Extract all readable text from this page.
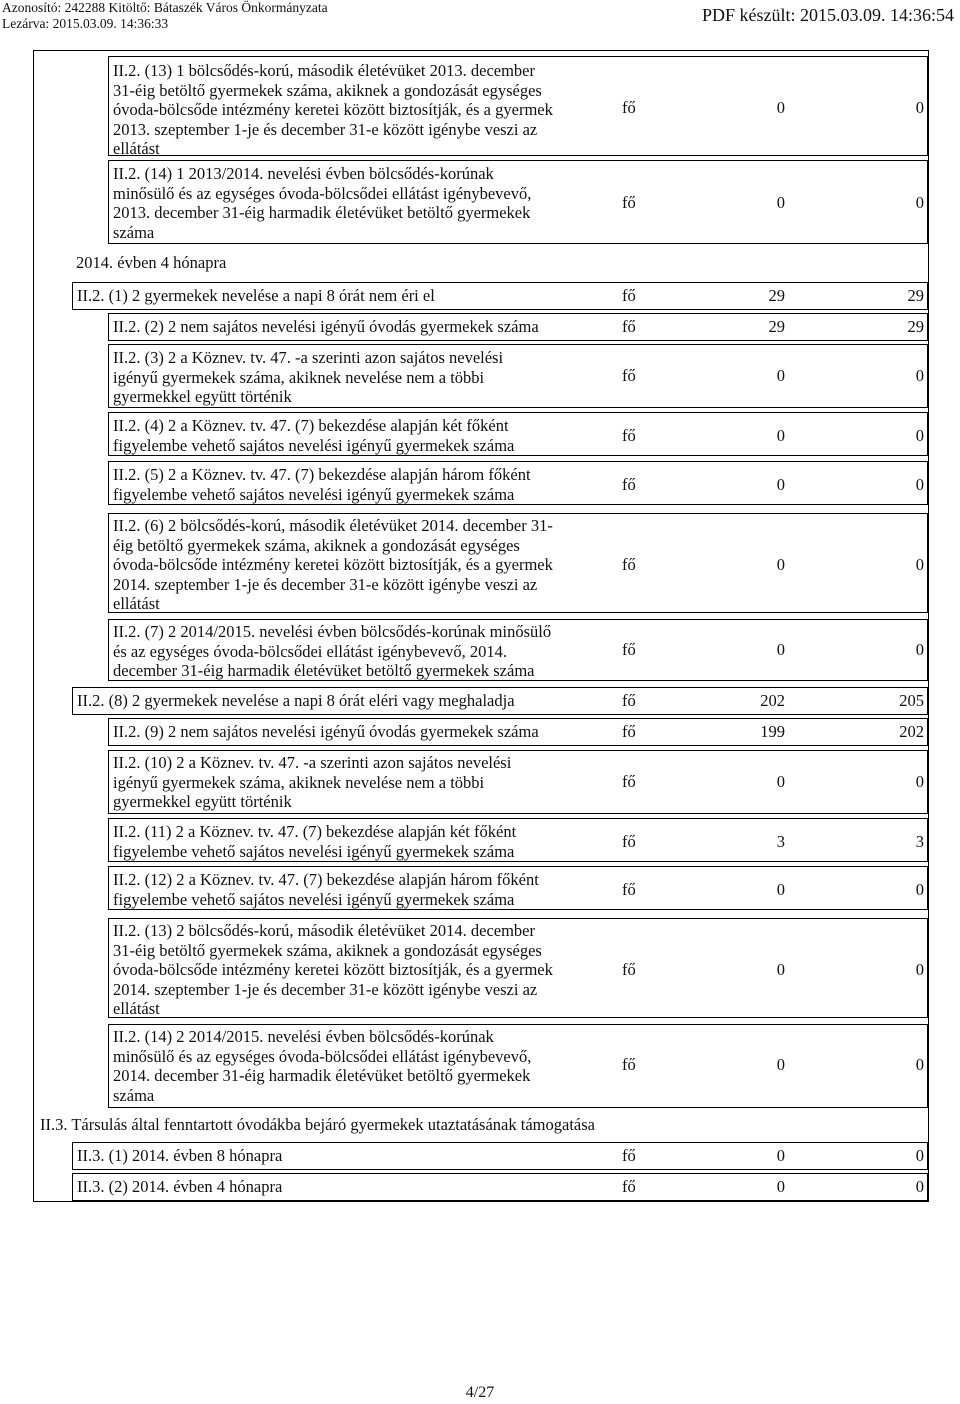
Azonosító: 242288 Kitöltő: Bátaszék Város Önkormányzata
Lezárva: 2015.03.09. 14:36:33	PDF készült: 2015.03.09. 14:36:54
II.2. (13) 1 bölcsődés-korú, második életévüket 2013. december
31-éig betöltő gyermekek száma, akiknek a gondozását egységes
óvoda-bölcsőde intézmény keretei között biztosítják, és a gyermek
2013. szeptember 1-je és december 31-e között igénybe veszi az
ellátást
fő	0	0
II.2. (14) 1 2013/2014. nevelési évben bölcsődés-korúnak
minősülő és az egységes óvoda-bölcsődei ellátást igénybevevő,
2013. december 31-éig harmadik életévüket betöltő gyermekek
száma
fő	0	0
2014. évben 4 hónapra
II.2. (1) 2 gyermekek nevelése a napi 8 órát nem éri el	fő	29	29
II.2. (2) 2 nem sajátos nevelési igényű óvodás gyermekek száma	fő	29	29
II.2. (3) 2 a Köznev. tv. 47. -a szerinti azon sajátos nevelési
igényű gyermekek száma, akiknek nevelése nem a többi
gyermekkel együtt történik
fő	0	0
II.2. (4) 2 a Köznev. tv. 47. (7) bekezdése alapján két főként
figyelembe vehető sajátos nevelési igényű gyermekek száma	fő	0	0
II.2. (5) 2 a Köznev. tv. 47. (7) bekezdése alapján három főként
figyelembe vehető sajátos nevelési igényű gyermekek száma	fő	0	0
II.2. (6) 2 bölcsődés-korú, második életévüket 2014. december 31-
éig betöltő gyermekek száma, akiknek a gondozását egységes
óvoda-bölcsőde intézmény keretei között biztosítják, és a gyermek
2014. szeptember 1-je és december 31-e között igénybe veszi az
ellátást
fő	0	0
II.2. (7) 2 2014/2015. nevelési évben bölcsődés-korúnak minősülő
és az egységes óvoda-bölcsődei ellátást igénybevevő, 2014.
december 31-éig harmadik életévüket betöltő gyermekek száma
fő	0	0
II.2. (8) 2 gyermekek nevelése a napi 8 órát eléri vagy meghaladja	fő	202	205
II.2. (9) 2 nem sajátos nevelési igényű óvodás gyermekek száma	fő	199	202
II.2. (10) 2 a Köznev. tv. 47. -a szerinti azon sajátos nevelési
igényű gyermekek száma, akiknek nevelése nem a többi
gyermekkel együtt történik
fő	0	0
II.2. (11) 2 a Köznev. tv. 47. (7) bekezdése alapján két főként
figyelembe vehető sajátos nevelési igényű gyermekek száma	fő	3	3
II.2. (12) 2 a Köznev. tv. 47. (7) bekezdése alapján három főként
figyelembe vehető sajátos nevelési igényű gyermekek száma	fő	0	0
II.2. (13) 2 bölcsődés-korú, második életévüket 2014. december
31-éig betöltő gyermekek száma, akiknek a gondozását egységes
óvoda-bölcsőde intézmény keretei között biztosítják, és a gyermek
2014. szeptember 1-je és december 31-e között igénybe veszi az
ellátást
fő	0	0
II.2. (14) 2 2014/2015. nevelési évben bölcsődés-korúnak
minősülő és az egységes óvoda-bölcsődei ellátást igénybevevő,
2014. december 31-éig harmadik életévüket betöltő gyermekek
száma
fő	0	0
II.3. Társulás által fenntartott óvodákba bejáró gyermekek utaztatásának támogatása
II.3. (1) 2014. évben 8 hónapra	fő	0	0
II.3. (2) 2014. évben 4 hónapra	fő	0	0
4/27
